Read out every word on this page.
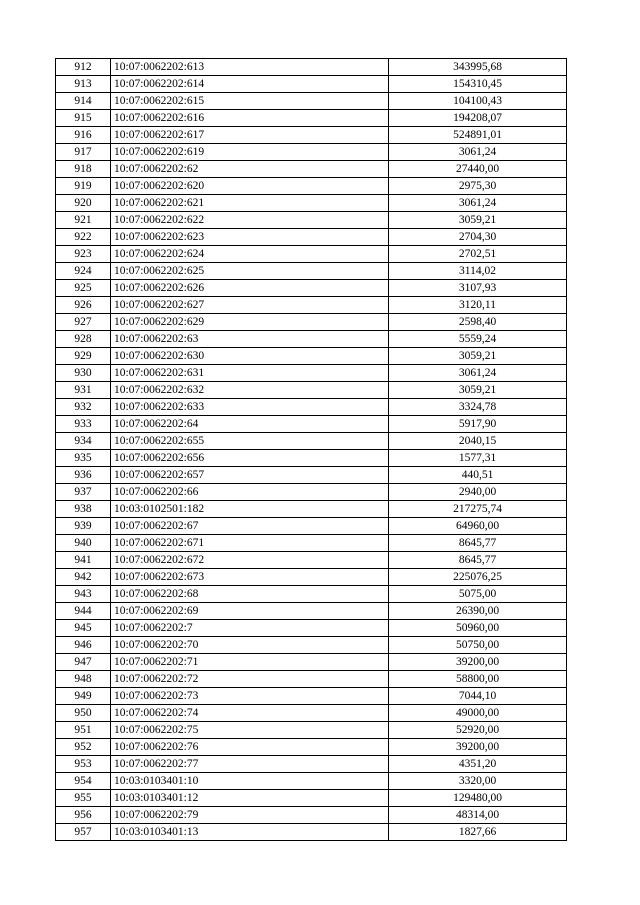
912	10:07:0062202:613	343995,68
913	10:07:0062202:614	154310,45
914	10:07:0062202:615	104100,43
915	10:07:0062202:616	194208,07
916	10:07:0062202:617	524891,01
917	10:07:0062202:619	3061,24
918	10:07:0062202:62	27440,00
919	10:07:0062202:620	2975,30
920	10:07:0062202:621	3061,24
921	10:07:0062202:622	3059,21
922	10:07:0062202:623	2704,30
923	10:07:0062202:624	2702,51
924	10:07:0062202:625	3114,02
925	10:07:0062202:626	3107,93
926	10:07:0062202:627	3120,11
927	10:07:0062202:629	2598,40
928	10:07:0062202:63	5559,24
929	10:07:0062202:630	3059,21
930	10:07:0062202:631	3061,24
931	10:07:0062202:632	3059,21
932	10:07:0062202:633	3324,78
933	10:07:0062202:64	5917,90
934	10:07:0062202:655	2040,15
935	10:07:0062202:656	1577,31
936	10:07:0062202:657	440,51
937	10:07:0062202:66	2940,00
938	10:03:0102501:182	217275,74
939	10:07:0062202:67	64960,00
940	10:07:0062202:671	8645,77
941	10:07:0062202:672	8645,77
942	10:07:0062202:673	225076,25
943	10:07:0062202:68	5075,00
944	10:07:0062202:69	26390,00
945	10:07:0062202:7	50960,00
946	10:07:0062202:70	50750,00
947	10:07:0062202:71	39200,00
948	10:07:0062202:72	58800,00
949	10:07:0062202:73	7044,10
950	10:07:0062202:74	49000,00
951	10:07:0062202:75	52920,00
952	10:07:0062202:76	39200,00
953	10:07:0062202:77	4351,20
954	10:03:0103401:10	3320,00
955	10:03:0103401:12	129480,00
956	10:07:0062202:79	48314,00
957	10:03:0103401:13	1827,66
